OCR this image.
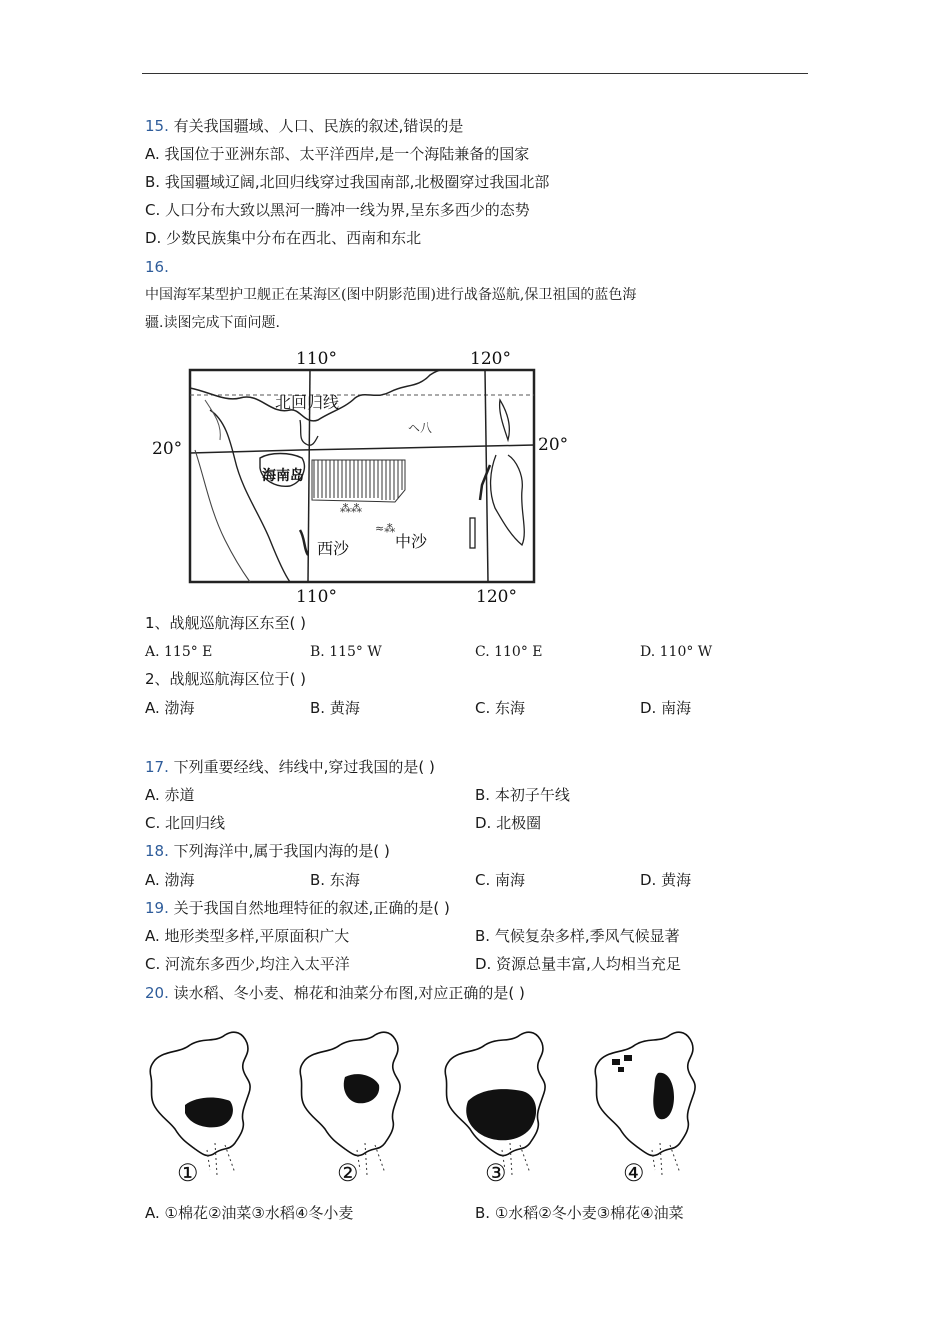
15. 有关我国疆域、人口、民族的叙述,错误的是
A. 我国位于亚洲东部、太平洋西岸,是一个海陆兼备的国家
B. 我国疆域辽阔,北回归线穿过我国南部,北极圈穿过我国北部
C. 人口分布大致以黑河一腾冲一线为界,呈东多西少的态势
D. 少数民族集中分布在西北、西南和东北
16.
中国海军某型护卫舰正在某海区(图中阴影范围)进行战备巡航,保卫祖国的蓝色海
疆.读图完成下面问题.
ヘ八
⁂⁂
≈⁂
北回归线
海南岛
西沙	中沙
110°	120°
110°	120°
20°	20°
1、战舰巡航海区东至( )
A. 115° E	B. 115° W	C. 110° E	D. 110° W
2、战舰巡航海区位于( )
A. 渤海	B. 黄海	C. 东海	D. 南海
17. 下列重要经线、纬线中,穿过我国的是( )
A. 赤道	B. 本初子午线
C. 北回归线	D. 北极圈
18. 下列海洋中,属于我国内海的是( )
A. 渤海	B. 东海	C. 南海	D. 黄海
19. 关于我国自然地理特征的叙述,正确的是( )
A. 地形类型多样,平原面积广大	B. 气候复杂多样,季风气候显著
C. 河流东多西少,均注入太平洋	D. 资源总量丰富,人均相当充足
20. 读水稻、冬小麦、棉花和油菜分布图,对应正确的是( )
①	②	③	④
A. ①棉花②油菜③水稻④冬小麦	B. ①水稻②冬小麦③棉花④油菜
